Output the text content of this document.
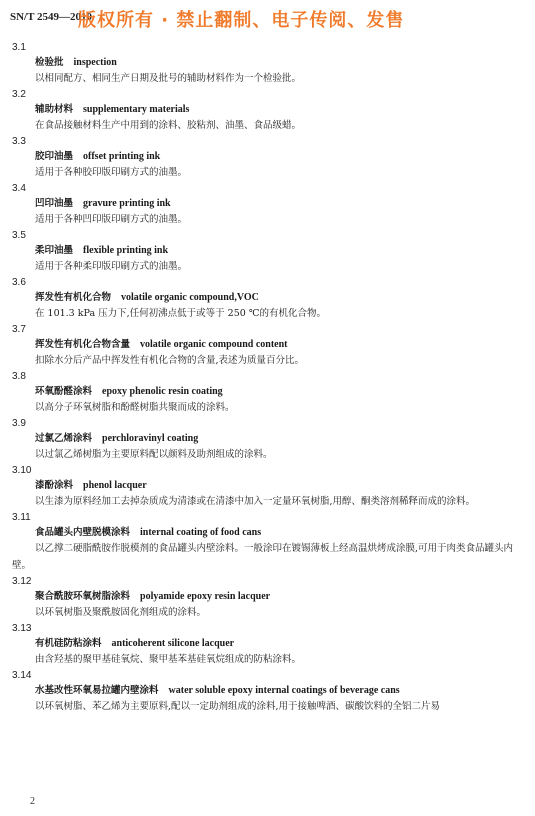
SN/T 2549—2010
版权所有 · 禁止翻制、电子传阅、发售
3.1
检验批 inspection
以相同配方、相同生产日期及批号的辅助材料作为一个检验批。
3.2
辅助材料 supplementary materials
在食品接触材料生产中用到的涂料、胶粘剂、油墨、食品级蜡。
3.3
胶印油墨 offset printing ink
适用于各种胶印版印刷方式的油墨。
3.4
凹印油墨 gravure printing ink
适用于各种凹印版印刷方式的油墨。
3.5
柔印油墨 flexible printing ink
适用于各种柔印版印刷方式的油墨。
3.6
挥发性有机化合物 volatile organic compound,VOC
在 101.3 kPa 压力下,任何初沸点低于或等于 250 ℃的有机化合物。
3.7
挥发性有机化合物含量 volatile organic compound content
扣除水分后产品中挥发性有机化合物的含量,表述为质量百分比。
3.8
环氧酚醛涂料 epoxy phenolic resin coating
以高分子环氧树脂和酚醛树脂共聚而成的涂料。
3.9
过氯乙烯涂料 perchloravinyl coating
以过氯乙烯树脂为主要原料配以颜料及助剂组成的涂料。
3.10
漆酚涂料 phenol lacquer
以生漆为原料经加工去掉杂质成为清漆或在清漆中加入一定量环氧树脂,用醇、酮类溶剂稀释而成的涂料。
3.11
食品罐头内壁脱模涂料 internal coating of food cans
以乙撑二硬脂酰胺作脱模剂的食品罐头内壁涂料。一般涂印在镀锡薄板上经高温烘烤成涂膜,可用于肉类食品罐头内壁。
3.12
聚合酰胺环氧树脂涂料 polyamide epoxy resin lacquer
以环氧树脂及聚酰胺固化剂组成的涂料。
3.13
有机硅防粘涂料 anticoherent silicone lacquer
由含羟基的聚甲基硅氧烷、聚甲基苯基硅氧烷组成的防粘涂料。
3.14
水基改性环氧易拉罐内壁涂料 water soluble epoxy internal coatings of beverage cans
以环氧树脂、苯乙烯为主要原料,配以一定助剂组成的涂料,用于接触啤酒、碳酸饮料的全铝二片易
2
